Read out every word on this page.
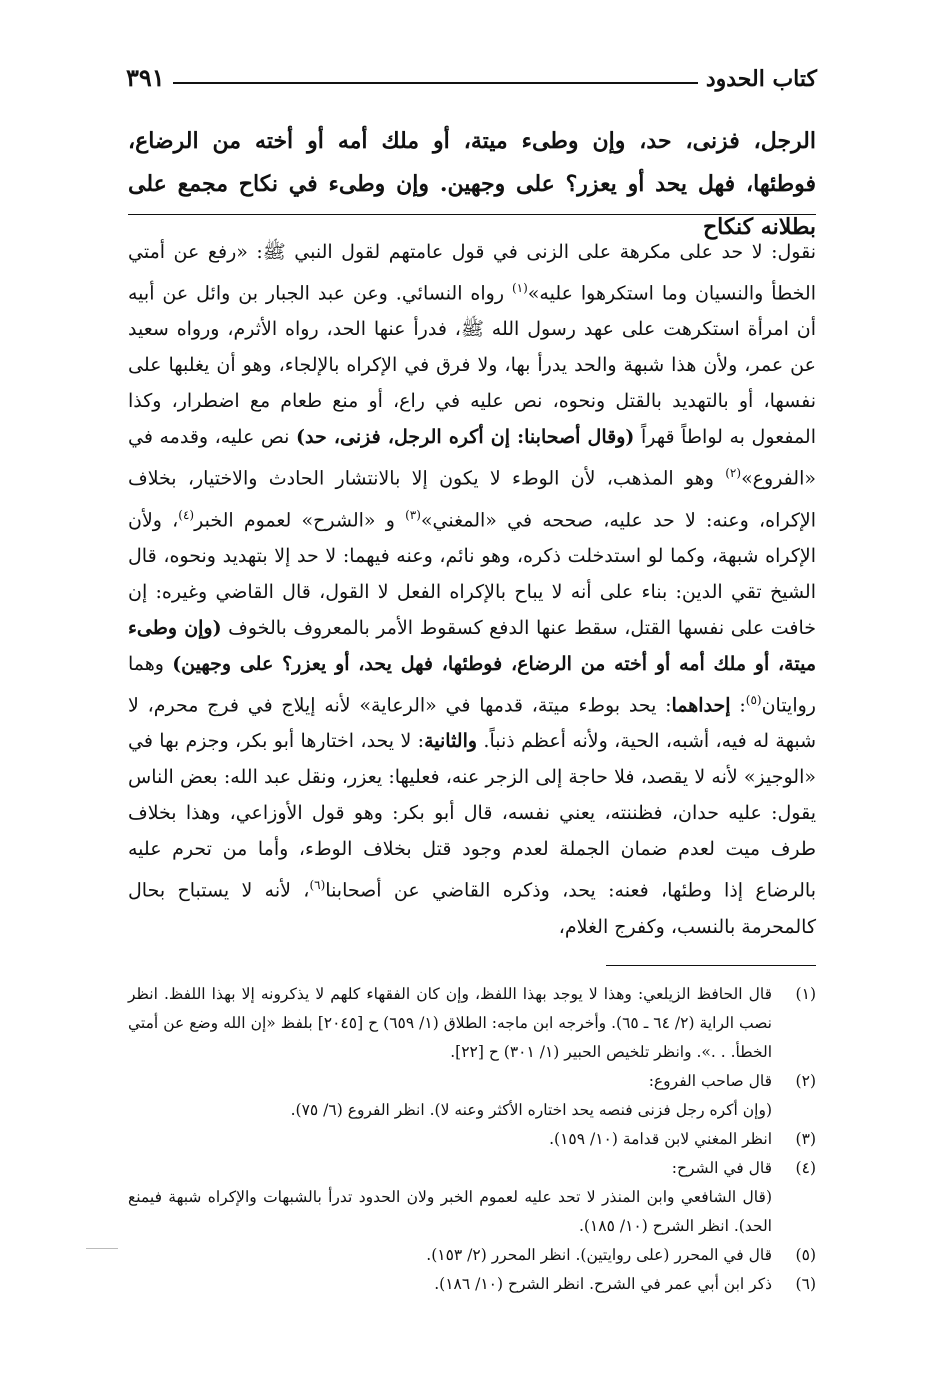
كتاب الحدود
٣٩١
الرجل، فزنى، حد، وإن وطىء ميتة، أو ملك أمه أو أخته من الرضاع، فوطئها، فهل يحد أو يعزر؟ على وجهين. وإن وطىء في نكاح مجمع على بطلانه كنكاح
نقول: لا حد على مكرهة على الزنى في قول عامتهم لقول النبي ﷺ: «رفع عن أمتي الخطأ والنسيان وما استكرهوا عليه»$^{(١)}$ رواه النسائي. وعن عبد الجبار بن وائل عن أبيه أن امرأة استكرهت على عهد رسول الله ﷺ، فدرأ عنها الحد، رواه الأثرم، ورواه سعيد عن عمر، ولأن هذا شبهة والحد يدرأ بها، ولا فرق في الإكراه بالإلجاء، وهو أن يغلبها على نفسها، أو بالتهديد بالقتل ونحوه، نص عليه في راع، أو منع طعام مع اضطرار، وكذا المفعول به لواطاً قهراً (وقال أصحابنا: إن أكره الرجل، فزنى، حد) نص عليه، وقدمه في «الفروع»$^{(٢)}$ وهو المذهب، لأن الوطء لا يكون إلا بالانتشار الحادث والاختيار، بخلاف الإكراه، وعنه: لا حد عليه، صححه في «المغني»$^{(٣)}$ و «الشرح» لعموم الخبر$^{(٤)}$، ولأن الإكراه شبهة، وكما لو استدخلت ذكره، وهو نائم، وعنه فيهما: لا حد إلا بتهديد ونحوه، قال الشيخ تقي الدين: بناء على أنه لا يباح بالإكراه الفعل لا القول، قال القاضي وغيره: إن خافت على نفسها القتل، سقط عنها الدفع كسقوط الأمر بالمعروف بالخوف (وإن وطىء ميتة، أو ملك أمه أو أخته من الرضاع، فوطئها، فهل يحد، أو يعزر؟ على وجهين) وهما روايتان$^{(٥)}$: إحداهما: يحد بوطء ميتة، قدمها في «الرعاية» لأنه إيلاج في فرج محرم، لا شبهة له فيه، أشبه، الحية، ولأنه أعظم ذنباً. والثانية: لا يحد، اختارها أبو بكر، وجزم بها في «الوجيز» لأنه لا يقصد، فلا حاجة إلى الزجر عنه، فعليها: يعزر، ونقل عبد الله: بعض الناس يقول: عليه حدان، فظننته، يعني نفسه، قال أبو بكر: وهو قول الأوزاعي، وهذا بخلاف طرف ميت لعدم ضمان الجملة لعدم وجود قتل بخلاف الوطء، وأما من تحرم عليه بالرضاع إذا وطئها، فعنه: يحد، وذكره القاضي عن أصحابنا$^{(٦)}$، لأنه لا يستباح بحال كالمحرمة بالنسب، وكفرج الغلام،
(١)
قال الحافظ الزيلعي: وهذا لا يوجد بهذا اللفظ، وإن كان الفقهاء كلهم لا يذكرونه إلا بهذا اللفظ. انظر نصب الراية (٢/ ٦٤ ـ ٦٥). وأخرجه ابن ماجه: الطلاق (١/ ٦٥٩) ح [٢٠٤٥] بلفظ «إن الله وضع عن أمتي الخطأ. . .». وانظر تلخيص الحبير (١/ ٣٠١) ح [٢٢].
(٢)
قال صاحب الفروع:
(وإن أكره رجل فزنى فنصه يحد اختاره الأكثر وعنه لا). انظر الفروع (٦/ ٧٥).
(٣)
انظر المغني لابن قدامة (١٠/ ١٥٩).
(٤)
قال في الشرح:
(قال الشافعي وابن المنذر لا تحد عليه لعموم الخبر ولان الحدود تدرأ بالشبهات والإكراه شبهة فيمنع الحد). انظر الشرح (١٠/ ١٨٥).
(٥)
قال في المحرر (على روايتين). انظر المحرر (٢/ ١٥٣).
(٦)
ذكر ابن أبي عمر في الشرح. انظر الشرح (١٠/ ١٨٦).
